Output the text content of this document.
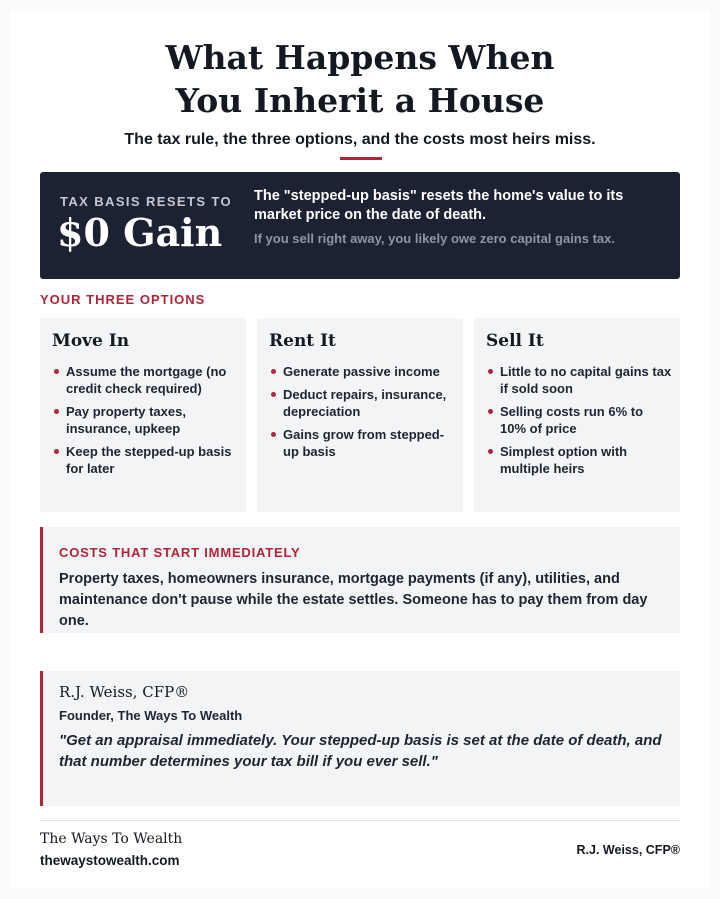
What Happens When
You Inherit a House
The tax rule, the three options, and the costs most heirs miss.
TAX BASIS RESETS TO
$0 Gain
The "stepped-up basis" resets the home's value to its market price on the date of death.
If you sell right away, you likely owe zero capital gains tax.
YOUR THREE OPTIONS
Move In
Assume the mortgage (no credit check required)
Pay property taxes, insurance, upkeep
Keep the stepped-up basis for later
Rent It
Generate passive income
Deduct repairs, insurance, depreciation
Gains grow from stepped-up basis
Sell It
Little to no capital gains tax if sold soon
Selling costs run 6% to 10% of price
Simplest option with multiple heirs
COSTS THAT START IMMEDIATELY
Property taxes, homeowners insurance, mortgage payments (if any), utilities, and maintenance don't pause while the estate settles. Someone has to pay them from day one.
R.J. Weiss, CFP®
Founder, The Ways To Wealth
"Get an appraisal immediately. Your stepped-up basis is set at the date of death, and that number determines your tax bill if you ever sell."
The Ways To Wealth
thewaystowealth.com
R.J. Weiss, CFP®
